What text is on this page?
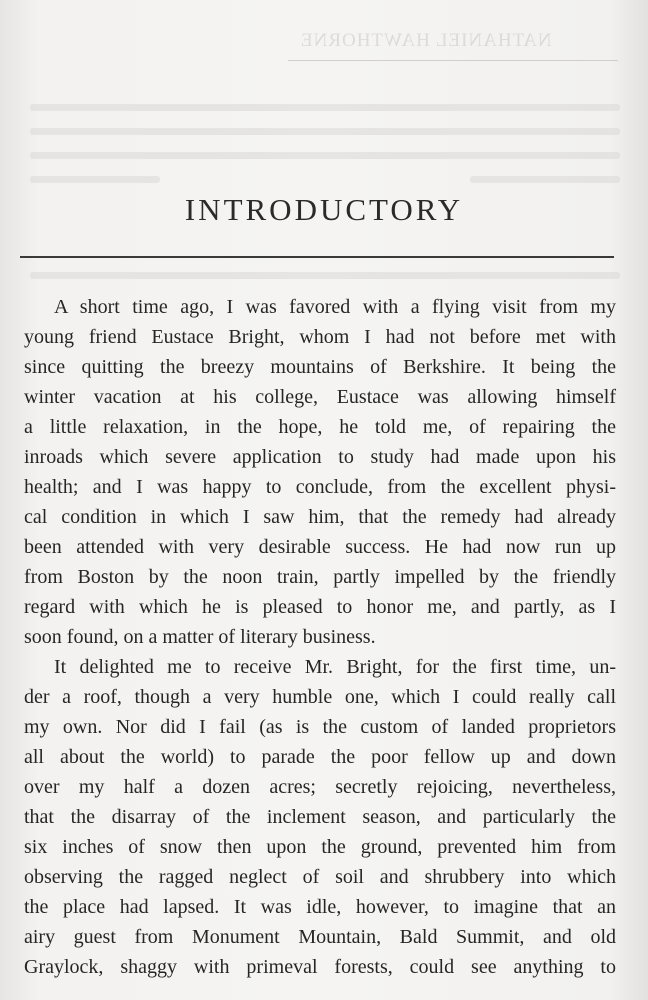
NATHANIEL HAWTHORNE
INTRODUCTORY
A short time ago, I was favored with a flying visit from my
young friend Eustace Bright, whom I had not before met with
since quitting the breezy mountains of Berkshire. It being the
winter vacation at his college, Eustace was allowing himself
a little relaxation, in the hope, he told me, of repairing the
inroads which severe application to study had made upon his
health; and I was happy to conclude, from the excellent physi-
cal condition in which I saw him, that the remedy had already
been attended with very desirable success. He had now run up
from Boston by the noon train, partly impelled by the friendly
regard with which he is pleased to honor me, and partly, as I
soon found, on a matter of literary business.
It delighted me to receive Mr. Bright, for the first time, un-
der a roof, though a very humble one, which I could really call
my own. Nor did I fail (as is the custom of landed proprietors
all about the world) to parade the poor fellow up and down
over my half a dozen acres; secretly rejoicing, nevertheless,
that the disarray of the inclement season, and particularly the
six inches of snow then upon the ground, prevented him from
observing the ragged neglect of soil and shrubbery into which
the place had lapsed. It was idle, however, to imagine that an
airy guest from Monument Mountain, Bald Summit, and old
Graylock, shaggy with primeval forests, could see anything to
